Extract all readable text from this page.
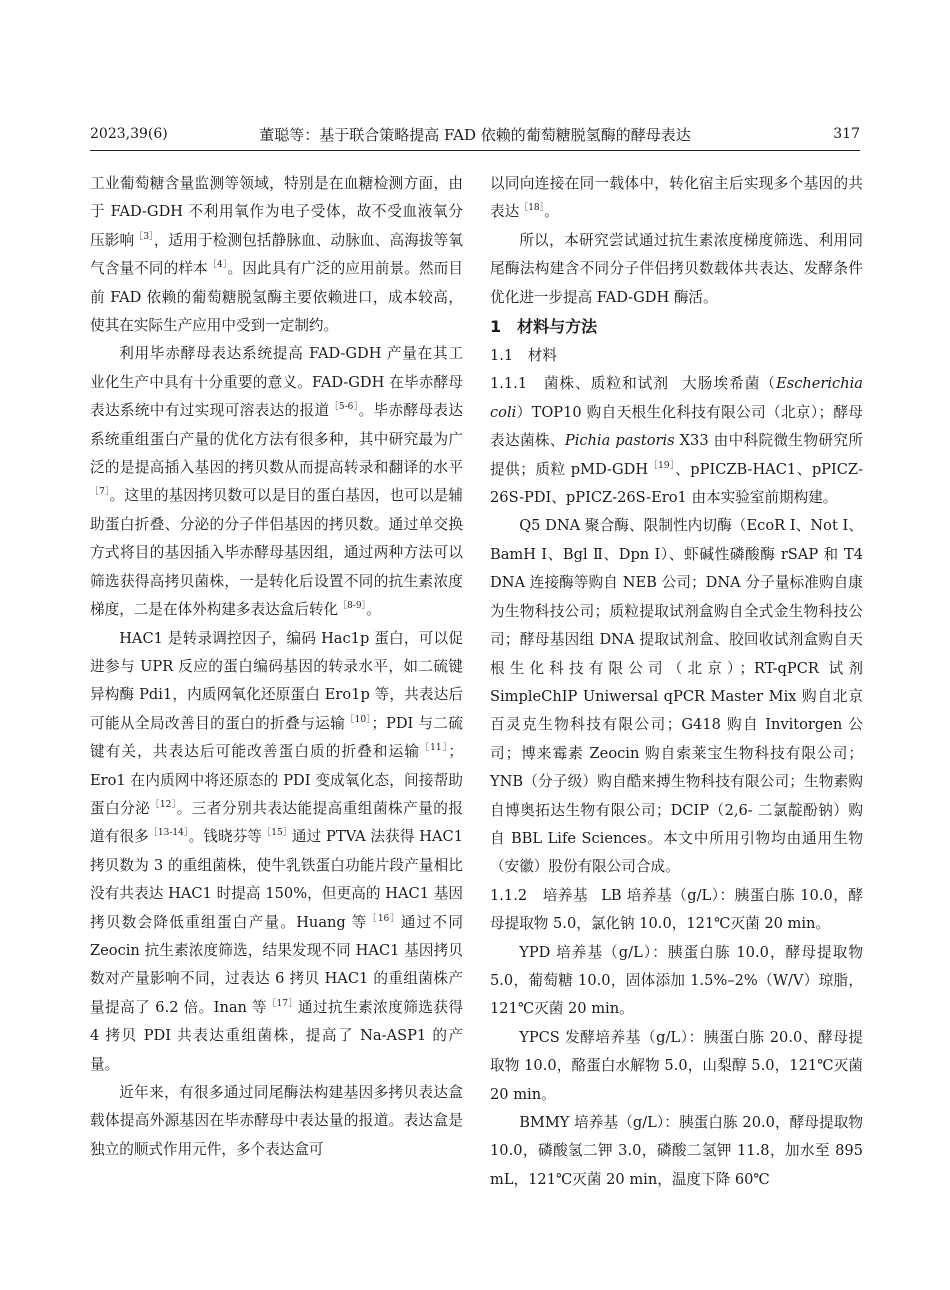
2023,39(6)	董聪等：基于联合策略提高 FAD 依赖的葡萄糖脱氢酶的酵母表达	317

工业葡萄糖含量监测等领域，特别是在血糖检测方面，由于 FAD-GDH 不利用氧作为电子受体，故不受血液氧分压影响$^{[3]}$，适用于检测包括静脉血、动脉血、高海拔等氧气含量不同的样本$^{[4]}$。因此具有广泛的应用前景。然而目前 FAD 依赖的葡萄糖脱氢酶主要依赖进口，成本较高，使其在实际生产应用中受到一定制约。

利用毕赤酵母表达系统提高 FAD-GDH 产量在其工业化生产中具有十分重要的意义。FAD-GDH 在毕赤酵母表达系统中有过实现可溶表达的报道$^{[5-6]}$。毕赤酵母表达系统重组蛋白产量的优化方法有很多种，其中研究最为广泛的是提高插入基因的拷贝数从而提高转录和翻译的水平$^{[7]}$。这里的基因拷贝数可以是目的蛋白基因，也可以是辅助蛋白折叠、分泌的分子伴侣基因的拷贝数。通过单交换方式将目的基因插入毕赤酵母基因组，通过两种方法可以筛选获得高拷贝菌株，一是转化后设置不同的抗生素浓度梯度，二是在体外构建多表达盒后转化$^{[8-9]}$。

HAC1 是转录调控因子，编码 Hac1p 蛋白，可以促进参与 UPR 反应的蛋白编码基因的转录水平，如二硫键异构酶 Pdi1，内质网氧化还原蛋白 Ero1p 等，共表达后可能从全局改善目的蛋白的折叠与运输$^{[10]}$；PDI 与二硫键有关，共表达后可能改善蛋白质的折叠和运输$^{[11]}$；Ero1 在内质网中将还原态的 PDI 变成氧化态，间接帮助蛋白分泌$^{[12]}$。三者分别共表达能提高重组菌株产量的报道有很多$^{[13-14]}$。钱晓芬等$^{[15]}$通过 PTVA 法获得 HAC1 拷贝数为 3 的重组菌株，使牛乳铁蛋白功能片段产量相比没有共表达 HAC1 时提高 150%，但更高的 HAC1 基因拷贝数会降低重组蛋白产量。Huang 等$^{[16]}$通过不同 Zeocin 抗生素浓度筛选，结果发现不同 HAC1 基因拷贝数对产量影响不同，过表达 6 拷贝 HAC1 的重组菌株产量提高了 6.2 倍。Inan 等$^{[17]}$通过抗生素浓度筛选获得 4 拷贝 PDI 共表达重组菌株，提高了 Na-ASP1 的产量。

近年来，有很多通过同尾酶法构建基因多拷贝表达盒载体提高外源基因在毕赤酵母中表达量的报道。表达盒是独立的顺式作用元件，多个表达盒可

以同向连接在同一载体中，转化宿主后实现多个基因的共表达$^{[18]}$。

所以，本研究尝试通过抗生素浓度梯度筛选、利用同尾酶法构建含不同分子伴侣拷贝数载体共表达、发酵条件优化进一步提高 FAD-GDH 酶活。

1　材料与方法
1.1　材料

1.1.1　菌株、质粒和试剂 大肠埃希菌（Escherichia coli）TOP10 购自天根生化科技有限公司（北京）；酵母表达菌株、Pichia pastoris X33 由中科院微生物研究所提供；质粒 pMD-$GDH^{[19]}$、pPICZB-HAC1、pPICZ-26S-PDI、pPICZ-26S-Ero1 由本实验室前期构建。

Q5 DNA 聚合酶、限制性内切酶（EcoR Ⅰ、Not Ⅰ、BamH Ⅰ、Bgl Ⅱ、Dpn Ⅰ）、虾碱性磷酸酶 rSAP 和 T4 DNA 连接酶等购自 NEB 公司；DNA 分子量标准购自康为生物科技公司；质粒提取试剂盒购自全式金生物科技公司；酵母基因组 DNA 提取试剂盒、胶回收试剂盒购自天根生化科技有限公司（北京）；RT-qPCR 试剂 SimpleChIP Uniwersal qPCR Master Mix 购自北京百灵克生物科技有限公司；G418 购自 Invitorgen 公司；博来霉素 Zeocin 购自索莱宝生物科技有限公司；YNB（分子级）购自酷来搏生物科技有限公司；生物素购自博奥拓达生物有限公司；DCIP（2,6- 二氯靛酚钠）购自 BBL Life Sciences。本文中所用引物均由通用生物（安徽）股份有限公司合成。

1.1.2　培养基 LB 培养基（g/L）：胰蛋白胨 10.0，酵母提取物 5.0，氯化钠 10.0，121℃灭菌 20 min。

YPD 培养基（g/L）：胰蛋白胨 10.0，酵母提取物 5.0，葡萄糖 10.0，固体添加 1.5%–2%（W/V）琼脂，121℃灭菌 20 min。

YPCS 发酵培养基（g/L）：胰蛋白胨 20.0、酵母提取物 10.0，酪蛋白水解物 5.0，山梨醇 5.0，121℃灭菌 20 min。

BMMY 培养基（g/L）：胰蛋白胨 20.0，酵母提取物 10.0，磷酸氢二钾 3.0，磷酸二氢钾 11.8，加水至 895 mL，121℃灭菌 20 min，温度下降 60℃
